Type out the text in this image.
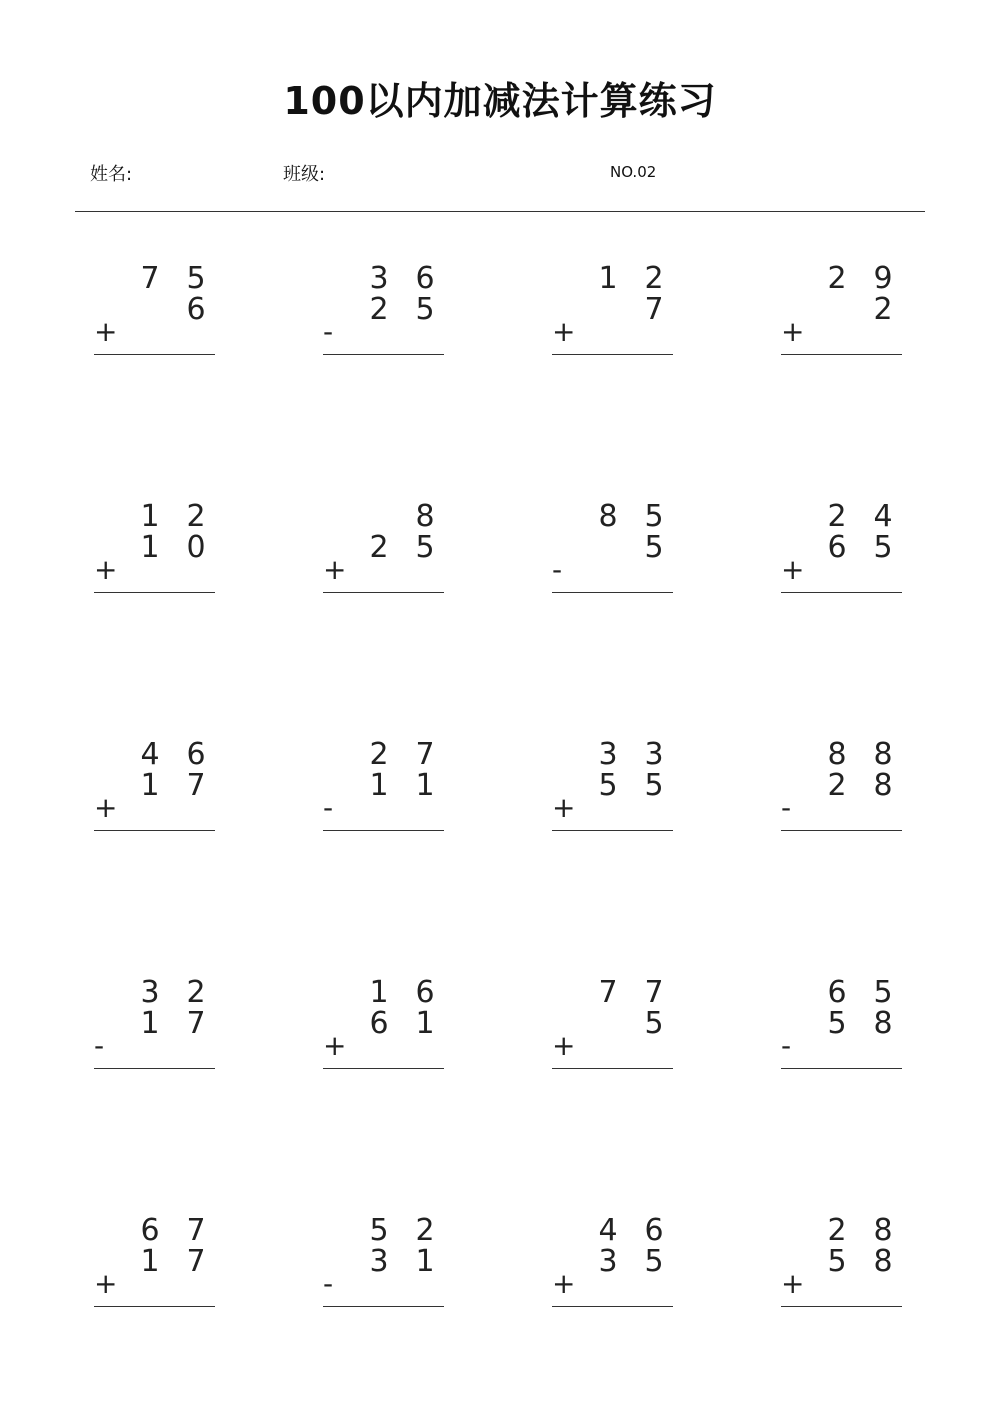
100以内加减法计算练习
姓名:	班级:	NO.02
7 5
6
+
3 6
2 5
-
1 2
7
+
2 9
2
+
1 2
1 0
+
8
2 5
+
8 5
5
-
2 4
6 5
+
4 6
1 7
+
2 7
1 1
-
3 3
5 5
+
8 8
2 8
-
3 2
1 7
-
1 6
6 1
+
7 7
5
+
6 5
5 8
-
6 7
1 7
+
5 2
3 1
-
4 6
3 5
+
2 8
5 8
+
